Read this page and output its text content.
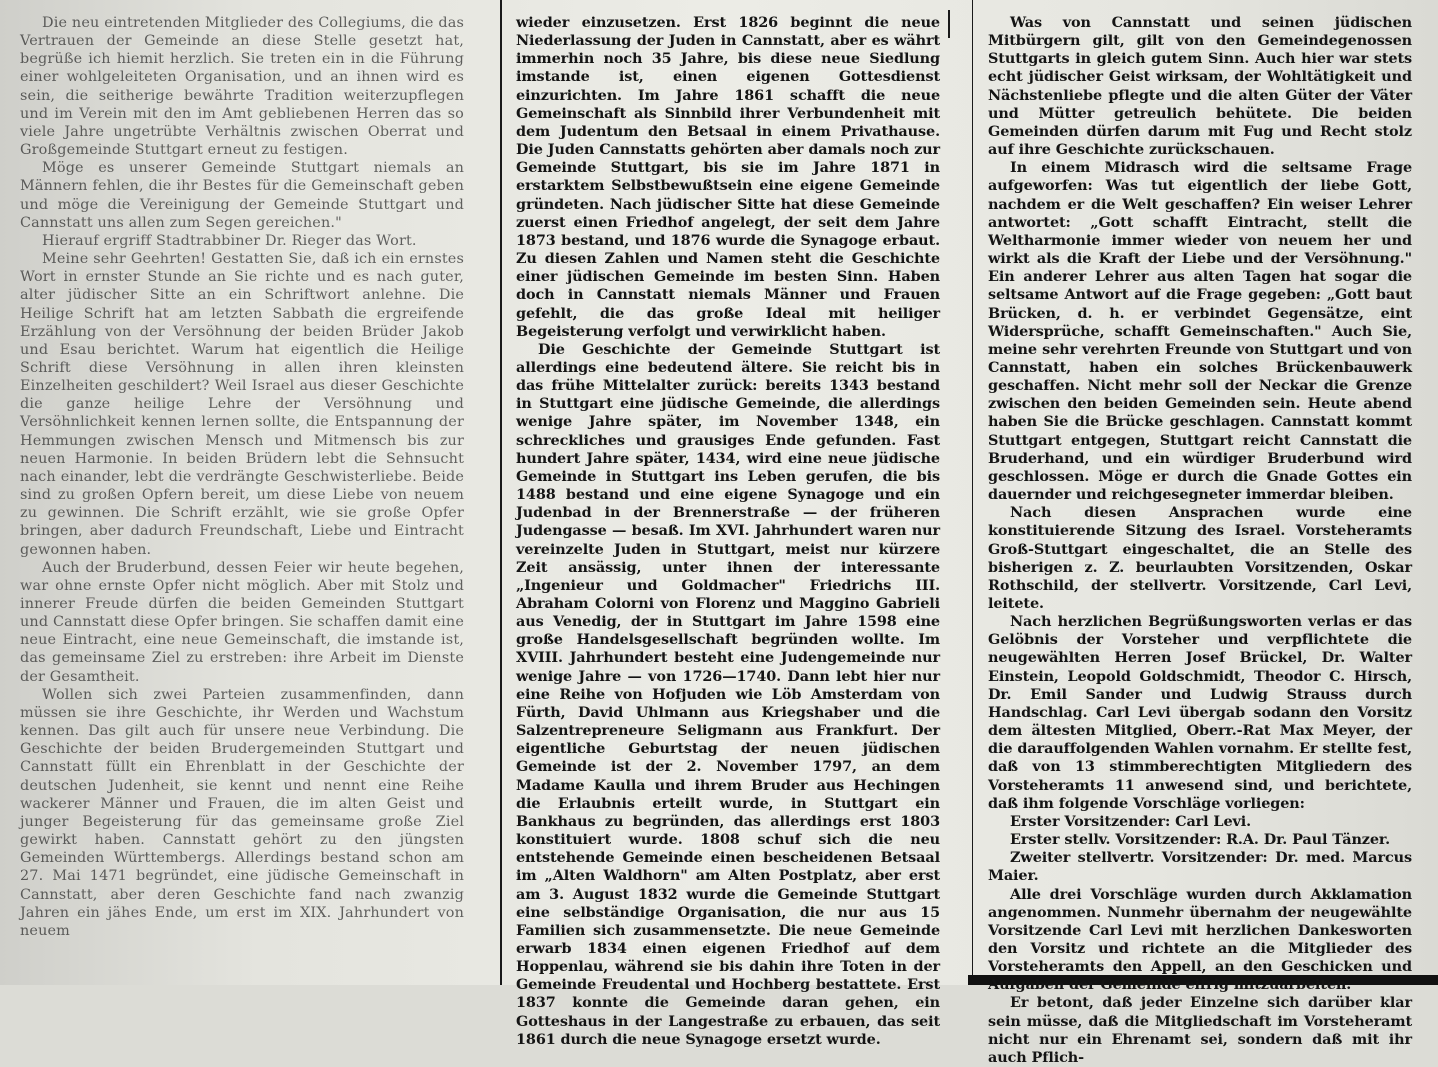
Die neu eintretenden Mitglieder des Collegiums, die das Vertrauen der Gemeinde an diese Stelle gesetzt hat, begrüße ich hiemit herzlich. Sie treten ein in die Führung einer wohlgeleiteten Organisation, und an ihnen wird es sein, die seitherige bewährte Tradition weiterzupflegen und im Verein mit den im Amt gebliebenen Herren das so viele Jahre ungetrübte Verhältnis zwischen Oberrat und Großgemeinde Stuttgart erneut zu festigen.

Möge es unserer Gemeinde Stuttgart niemals an Männern fehlen, die ihr Bestes für die Gemeinschaft geben und möge die Vereinigung der Gemeinde Stuttgart und Cannstatt uns allen zum Segen gereichen."

Hierauf ergriff Stadtrabbiner Dr. Rieger das Wort.

Meine sehr Geehrten! Gestatten Sie, daß ich ein ernstes Wort in ernster Stunde an Sie richte und es nach guter, alter jüdischer Sitte an ein Schriftwort anlehne. Die Heilige Schrift hat am letzten Sabbath die ergreifende Erzählung von der Versöhnung der beiden Brüder Jakob und Esau berichtet. Warum hat eigentlich die Heilige Schrift diese Versöhnung in allen ihren kleinsten Einzelheiten geschildert? Weil Israel aus dieser Geschichte die ganze heilige Lehre der Versöhnung und Versöhnlichkeit kennen lernen sollte, die Entspannung der Hemmungen zwischen Mensch und Mitmensch bis zur neuen Harmonie. In beiden Brüdern lebt die Sehnsucht nach einander, lebt die verdrängte Geschwisterliebe. Beide sind zu großen Opfern bereit, um diese Liebe von neuem zu gewinnen. Die Schrift erzählt, wie sie große Opfer bringen, aber dadurch Freundschaft, Liebe und Eintracht gewonnen haben.

Auch der Bruderbund, dessen Feier wir heute begehen, war ohne ernste Opfer nicht möglich. Aber mit Stolz und innerer Freude dürfen die beiden Gemeinden Stuttgart und Cannstatt diese Opfer bringen. Sie schaffen damit eine neue Eintracht, eine neue Gemeinschaft, die imstande ist, das gemeinsame Ziel zu erstreben: ihre Arbeit im Dienste der Gesamtheit.

Wollen sich zwei Parteien zusammenfinden, dann müssen sie ihre Geschichte, ihr Werden und Wachstum kennen. Das gilt auch für unsere neue Verbindung. Die Geschichte der beiden Brudergemeinden Stuttgart und Cannstatt füllt ein Ehrenblatt in der Geschichte der deutschen Judenheit, sie kennt und nennt eine Reihe wackerer Männer und Frauen, die im alten Geist und junger Begeisterung für das gemeinsame große Ziel gewirkt haben. Cannstatt gehört zu den jüngsten Gemeinden Württembergs. Allerdings bestand schon am 27. Mai 1471 begründet, eine jüdische Gemeinschaft in Cannstatt, aber deren Geschichte fand nach zwanzig Jahren ein jähes Ende, um erst im XIX. Jahrhundert von neuem

wieder einzusetzen. Erst 1826 beginnt die neue Niederlassung der Juden in Cannstatt, aber es währt immerhin noch 35 Jahre, bis diese neue Siedlung imstande ist, einen eigenen Gottesdienst einzurichten. Im Jahre 1861 schafft die neue Gemeinschaft als Sinnbild ihrer Verbundenheit mit dem Judentum den Betsaal in einem Privathause. Die Juden Cannstatts gehörten aber damals noch zur Gemeinde Stuttgart, bis sie im Jahre 1871 in erstarktem Selbstbewußtsein eine eigene Gemeinde gründeten. Nach jüdischer Sitte hat diese Gemeinde zuerst einen Friedhof angelegt, der seit dem Jahre 1873 bestand, und 1876 wurde die Synagoge erbaut. Zu diesen Zahlen und Namen steht die Geschichte einer jüdischen Gemeinde im besten Sinn. Haben doch in Cannstatt niemals Männer und Frauen gefehlt, die das große Ideal mit heiliger Begeisterung verfolgt und verwirklicht haben.

Die Geschichte der Gemeinde Stuttgart ist allerdings eine bedeutend ältere. Sie reicht bis in das frühe Mittelalter zurück: bereits 1343 bestand in Stuttgart eine jüdische Gemeinde, die allerdings wenige Jahre später, im November 1348, ein schreckliches und grausiges Ende gefunden. Fast hundert Jahre später, 1434, wird eine neue jüdische Gemeinde in Stuttgart ins Leben gerufen, die bis 1488 bestand und eine eigene Synagoge und ein Judenbad in der Brennerstraße — der früheren Judengasse — besaß. Im XVI. Jahrhundert waren nur vereinzelte Juden in Stuttgart, meist nur kürzere Zeit ansässig, unter ihnen der interessante „Ingenieur und Goldmacher" Friedrichs III. Abraham Colorni von Florenz und Maggino Gabrieli aus Venedig, der in Stuttgart im Jahre 1598 eine große Handelsgesellschaft begründen wollte. Im XVIII. Jahrhundert besteht eine Judengemeinde nur wenige Jahre — von 1726—1740. Dann lebt hier nur eine Reihe von Hofjuden wie Löb Amsterdam von Fürth, David Uhlmann aus Kriegshaber und die Salzentrepreneure Seligmann aus Frankfurt. Der eigentliche Geburtstag der neuen jüdischen Gemeinde ist der 2. November 1797, an dem Madame Kaulla und ihrem Bruder aus Hechingen die Erlaubnis erteilt wurde, in Stuttgart ein Bankhaus zu begründen, das allerdings erst 1803 konstituiert wurde. 1808 schuf sich die neu entstehende Gemeinde einen bescheidenen Betsaal im „Alten Waldhorn" am Alten Postplatz, aber erst am 3. August 1832 wurde die Gemeinde Stuttgart eine selbständige Organisation, die nur aus 15 Familien sich zusammensetzte. Die neue Gemeinde erwarb 1834 einen eigenen Friedhof auf dem Hoppenlau, während sie bis dahin ihre Toten in der Gemeinde Freudental und Hochberg bestattete. Erst 1837 konnte die Gemeinde daran gehen, ein Gotteshaus in der Langestraße zu erbauen, das seit 1861 durch die neue Synagoge ersetzt wurde.

Was von Cannstatt und seinen jüdischen Mitbürgern gilt, gilt von den Gemeindegenossen Stuttgarts in gleich gutem Sinn. Auch hier war stets echt jüdischer Geist wirksam, der Wohltätigkeit und Nächstenliebe pflegte und die alten Güter der Väter und Mütter getreulich behütete. Die beiden Gemeinden dürfen darum mit Fug und Recht stolz auf ihre Geschichte zurückschauen.

In einem Midrasch wird die seltsame Frage aufgeworfen: Was tut eigentlich der liebe Gott, nachdem er die Welt geschaffen? Ein weiser Lehrer antwortet: „Gott schafft Eintracht, stellt die Weltharmonie immer wieder von neuem her und wirkt als die Kraft der Liebe und der Versöhnung." Ein anderer Lehrer aus alten Tagen hat sogar die seltsame Antwort auf die Frage gegeben: „Gott baut Brücken, d. h. er verbindet Gegensätze, eint Widersprüche, schafft Gemeinschaften." Auch Sie, meine sehr verehrten Freunde von Stuttgart und von Cannstatt, haben ein solches Brückenbauwerk geschaffen. Nicht mehr soll der Neckar die Grenze zwischen den beiden Gemeinden sein. Heute abend haben Sie die Brücke geschlagen. Cannstatt kommt Stuttgart entgegen, Stuttgart reicht Cannstatt die Bruderhand, und ein würdiger Bruderbund wird geschlossen. Möge er durch die Gnade Gottes ein dauernder und reichgesegneter immerdar bleiben.

Nach diesen Ansprachen wurde eine konstituierende Sitzung des Israel. Vorsteheramts Groß-Stuttgart eingeschaltet, die an Stelle des bisherigen z. Z. beurlaubten Vorsitzenden, Oskar Rothschild, der stellvertr. Vorsitzende, Carl Levi, leitete.

Nach herzlichen Begrüßungsworten verlas er das Gelöbnis der Vorsteher und verpflichtete die neugewählten Herren Josef Brückel, Dr. Walter Einstein, Leopold Goldschmidt, Theodor C. Hirsch, Dr. Emil Sander und Ludwig Strauss durch Handschlag. Carl Levi übergab sodann den Vorsitz dem ältesten Mitglied, Oberr.-Rat Max Meyer, der die darauffolgenden Wahlen vornahm. Er stellte fest, daß von 13 stimmberechtigten Mitgliedern des Vorsteheramts 11 anwesend sind, und berichtete, daß ihm folgende Vorschläge vorliegen:

Erster Vorsitzender: Carl Levi.

Erster stellv. Vorsitzender: R.A. Dr. Paul Tänzer.

Zweiter stellvertr. Vorsitzender: Dr. med. Marcus Maier.

Alle drei Vorschläge wurden durch Akklamation angenommen. Nunmehr übernahm der neugewählte Vorsitzende Carl Levi mit herzlichen Dankesworten den Vorsitz und richtete an die Mitglieder des Vorsteheramts den Appell, an den Geschicken und Aufgaben der Gemeinde eifrig mitzuarbeiten.

Er betont, daß jeder Einzelne sich darüber klar sein müsse, daß die Mitgliedschaft im Vorsteheramt nicht nur ein Ehrenamt sei, sondern daß mit ihr auch Pflich-
